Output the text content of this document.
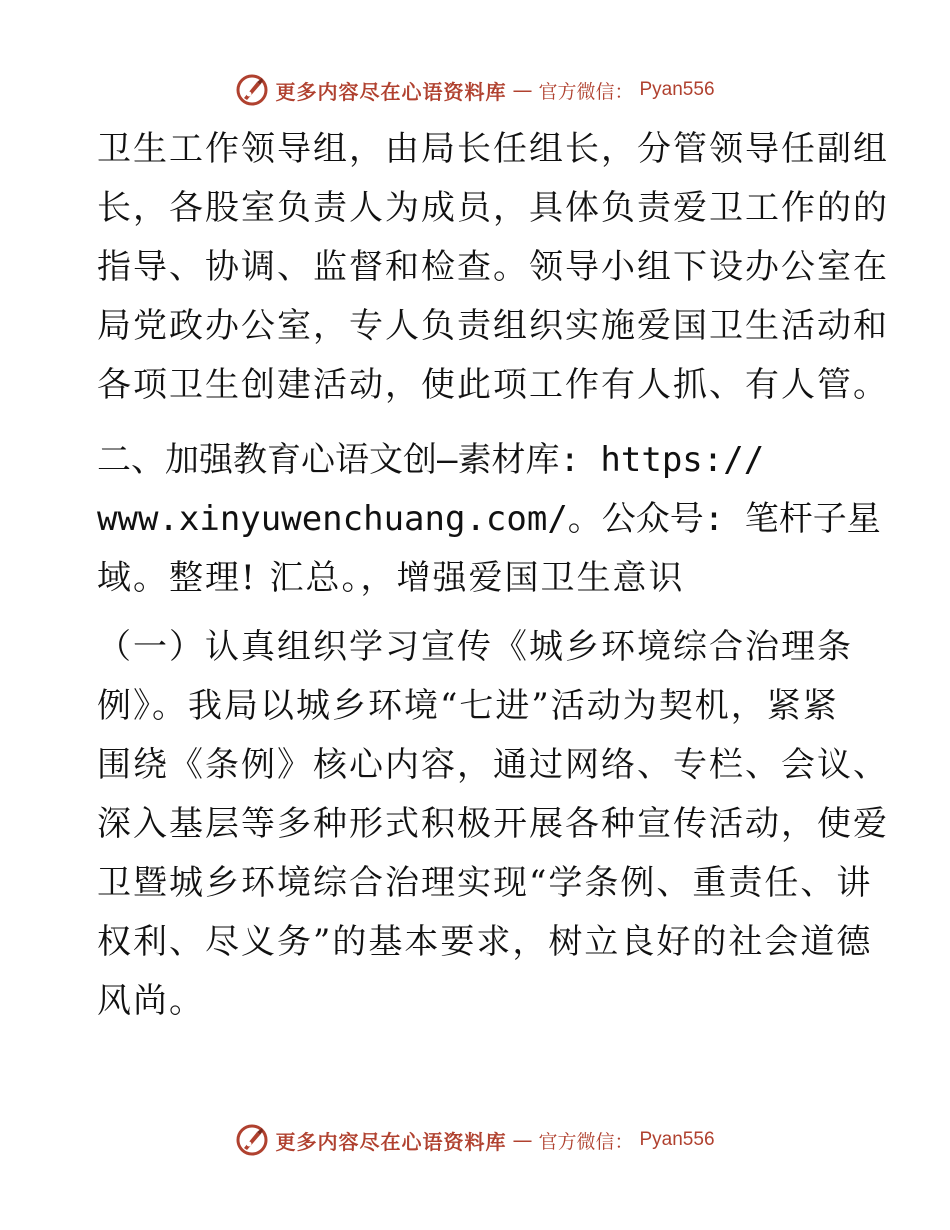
更多内容尽在心语资料库 — 官方微信： Pyan556
卫生工作领导组，由局长任组长，分管领导任副组
长，各股室负责人为成员，具体负责爱卫工作的的
指导、协调、监督和检查。领导小组下设办公室在
局党政办公室，专人负责组织实施爱国卫生活动和
各项卫生创建活动，使此项工作有人抓、有人管。
二、加强教育心语文创—素材库: https://
www.xinyuwenchuang.com/。公众号: 笔杆子星
域。整理! 汇总。，增强爱国卫生意识
（一）认真组织学习宣传《城乡环境综合治理条
例》。我局以城乡环境“七进”活动为契机，紧紧
围绕《条例》核心内容，通过网络、专栏、会议、
深入基层等多种形式积极开展各种宣传活动，使爱
卫暨城乡环境综合治理实现“学条例、重责任、讲
权利、尽义务”的基本要求，树立良好的社会道德
风尚。
更多内容尽在心语资料库 — 官方微信： Pyan556
